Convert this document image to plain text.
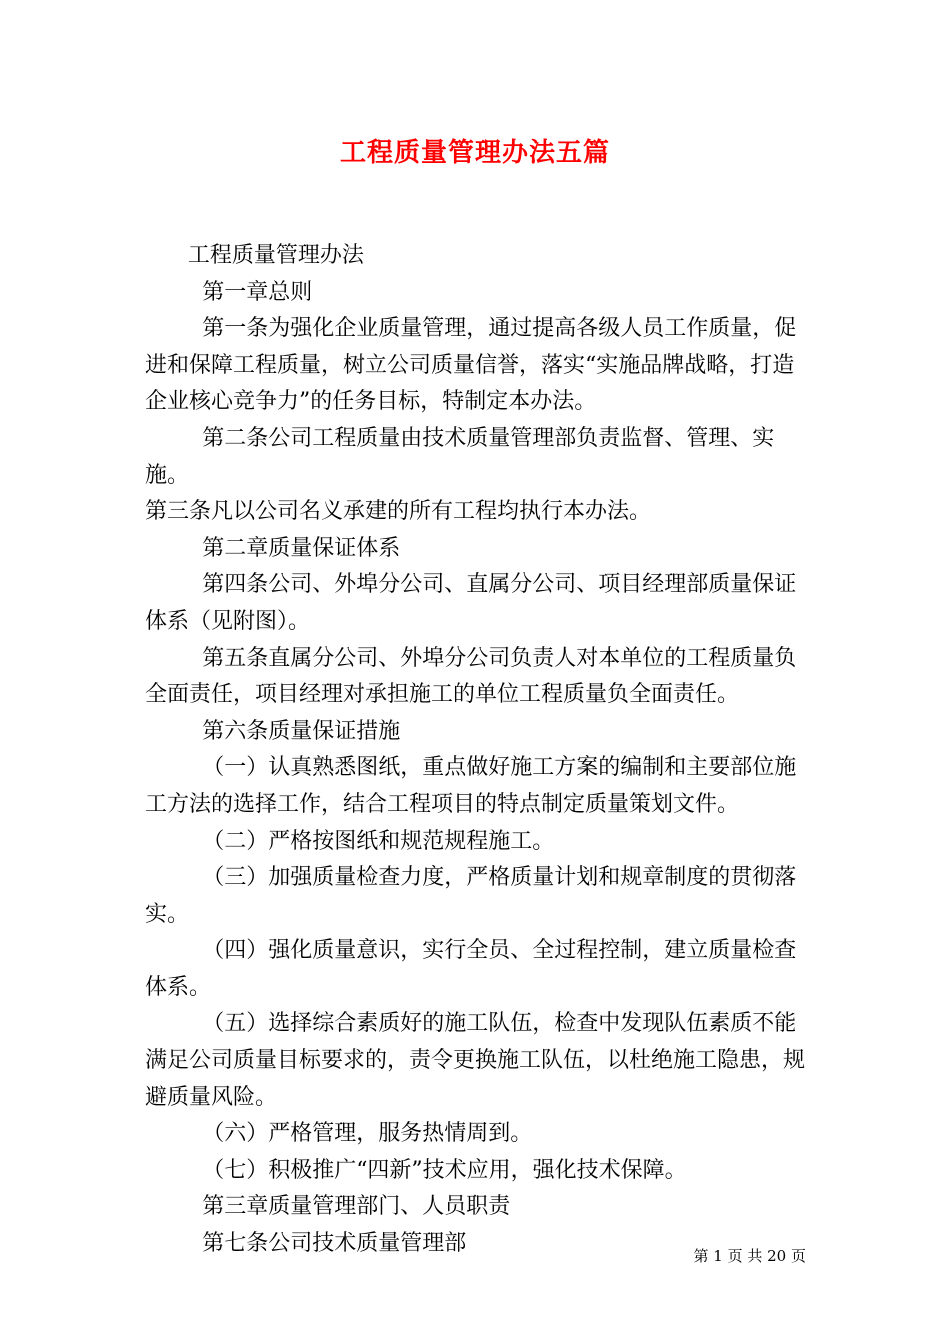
工程质量管理办法五篇

工程质量管理办法

第一章总则

第一条为强化企业质量管理，通过提高各级人员工作质量，促进和保障工程质量，树立公司质量信誉，落实“实施品牌战略，打造企业核心竞争力”的任务目标，特制定本办法。

第二条公司工程质量由技术质量管理部负责监督、管理、实施。

第三条凡以公司名义承建的所有工程均执行本办法。

第二章质量保证体系

第四条公司、外埠分公司、直属分公司、项目经理部质量保证体系（见附图）。

第五条直属分公司、外埠分公司负责人对本单位的工程质量负全面责任，项目经理对承担施工的单位工程质量负全面责任。

第六条质量保证措施

（一）认真熟悉图纸，重点做好施工方案的编制和主要部位施工方法的选择工作，结合工程项目的特点制定质量策划文件。

（二）严格按图纸和规范规程施工。

（三）加强质量检查力度，严格质量计划和规章制度的贯彻落实。

（四）强化质量意识，实行全员、全过程控制，建立质量检查体系。

（五）选择综合素质好的施工队伍，检查中发现队伍素质不能满足公司质量目标要求的，责令更换施工队伍，以杜绝施工隐患，规避质量风险。

（六）严格管理，服务热情周到。

（七）积极推广“四新”技术应用，强化技术保障。

第三章质量管理部门、人员职责

第七条公司技术质量管理部	第 1 页 共 20 页
